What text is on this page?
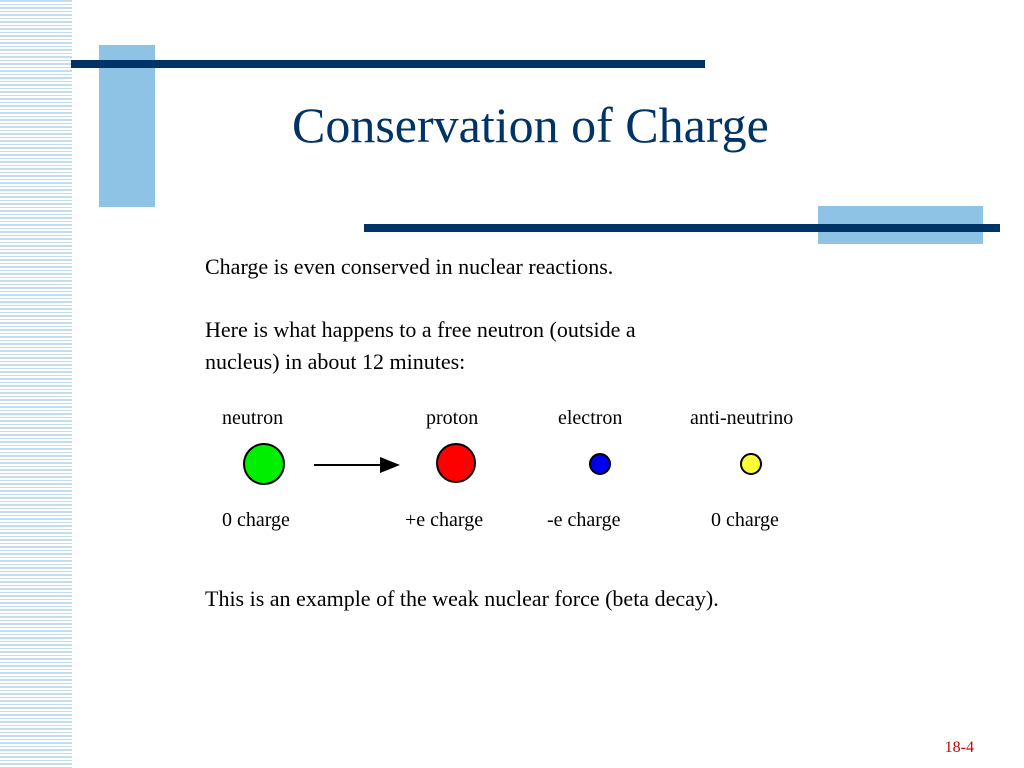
Conservation of Charge

Charge is even conserved in nuclear reactions.

Here is what happens to a free neutron (outside a
nucleus) in about 12 minutes:

neutron	proton	electron	anti-neutrino
0 charge	+e charge	-e charge	0 charge

This is an example of the weak nuclear force (beta decay).

18-4
